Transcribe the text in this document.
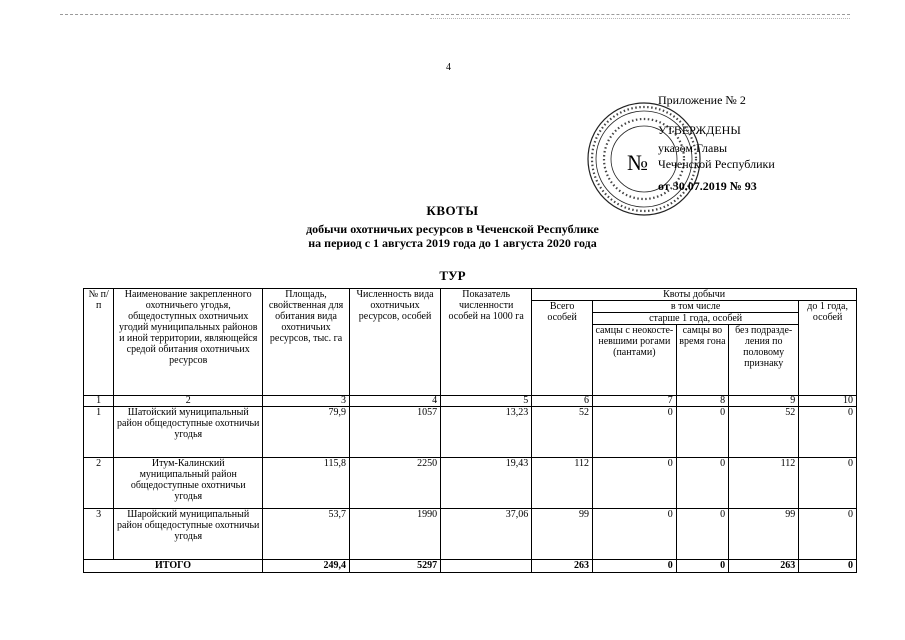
4
№
Приложение № 2
УТВЕРЖДЕНЫ
указом Главы
Чеченской Республики
от 30.07.2019 № 93
КВОТЫ
добычи охотничьих ресурсов в Чеченской Республике
на период с 1 августа 2019 года до 1 августа 2020 года
ТУР
№ п/п	Наименование закрепленного охотничьего угодья, общедоступных охотничьих угодий муниципальных районов и иной территории, являющейся средой обитания охотничьих ресурсов	Площадь, свойственная для обитания вида охотничьих ресурсов, тыс. га	Численность вида охотничьих ресурсов, особей	Показатель численности особей на 1000 га	Квоты добычи				
					Всего особей	в том числе			до 1 года, особей
						старше 1 года, особей			
						самцы с неокосте-невшими рогами (пантами)	самцы во время гона	без подразде-ления по половому признаку	
1	2	3	4	5	6	7	8	9	10
1	Шатойский муниципальный район общедоступные охотничьи угодья	79,9	1057	13,23	52	0	0	52	0
2	Итум-Калинский муниципальный район общедоступные охотничьи угодья	115,8	2250	19,43	112	0	0	112	0
3	Шаройский муниципальный район общедоступные охотничьи угодья	53,7	1990	37,06	99	0	0	99	0
ИТОГО		249,4	5297		263	0	0	263	0
